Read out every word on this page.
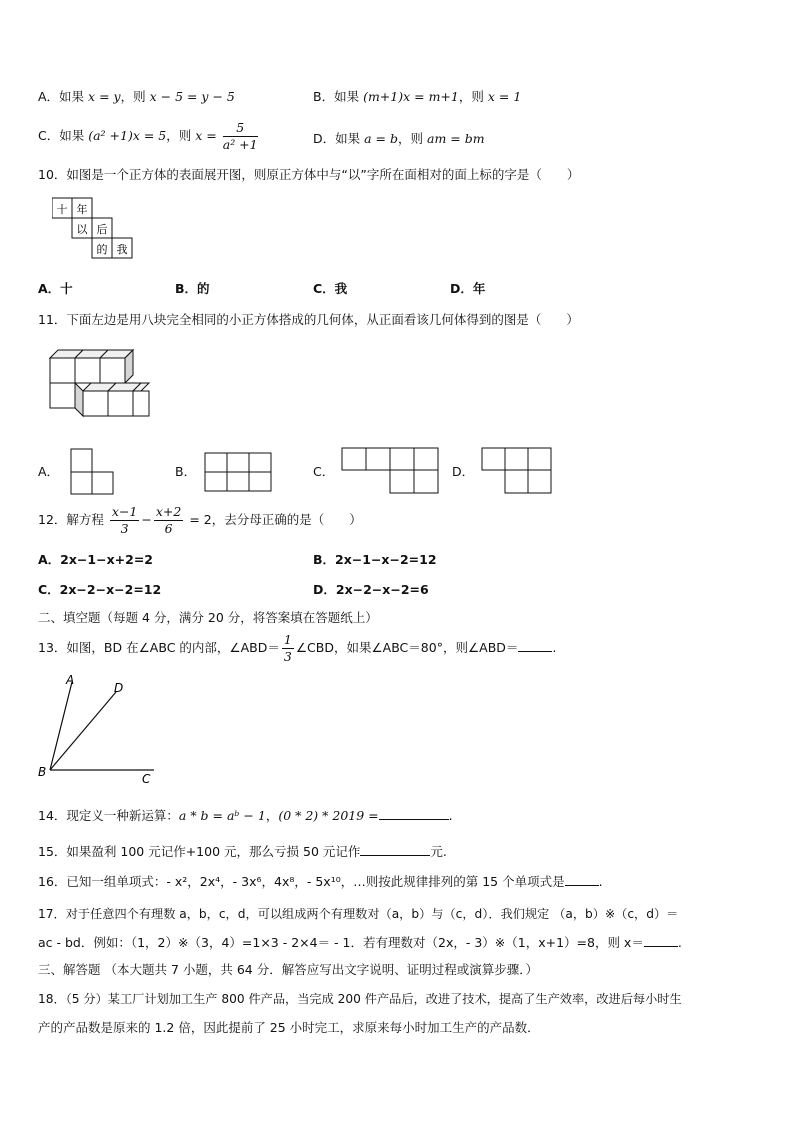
A．如果 x = y，则 x − 5 = y − 5	B．如果 (m+1)x = m+1，则 x = 1
C．如果 (a² +1)x = 5，则 $x = \frac{5}{\text{a² +1}}$	D．如果 a = b，则 am = bm
10．如图是一个正方体的表面展开图，则原正方体中与“以”字所在面相对的面上标的字是（　　）
十 年
以 后
的 我
A．十	B．的	C．我	D．年
11．下面左边是用八块完全相同的小正方体搭成的几何体，从正面看该几何体得到的图是（　　）
A．	B．	C．	D．
12．解方程 $\frac{x-1}{3} - \frac{x+2}{6} = 2$，去分母正确的是（　　）
A．2x−1−x+2=2	B．2x−1−x−2=12
C．2x−2−x−2=12	D．2x−2−x−2=6
二、填空题（每题 4 分，满分 20 分，将答案填在答题纸上）
13．如图，BD 在∠ABC 的内部，∠ABD＝ $\frac{1}{3}$ ∠CBD，如果∠ABC＝80°，则∠ABD＝	.
A
D
B	C
14．现定义一种新运算：a * b = aᵇ − 1，(0 * 2) * 2019 =	.
15．如果盈利 100 元记作+100 元，那么亏损 50 元记作	元.
16．已知一组单项式：- x²，2x⁴，- 3x⁶，4x⁸，- 5x¹⁰，…则按此规律排列的第 15 个单项式是	.
17．对于任意四个有理数 a，b，c，d，可以组成两个有理数对（a，b）与（c，d）．我们规定 （a，b）※（c，d）＝
ac - bd．例如：（1，2）※（3，4）=1×3 - 2×4＝ - 1．若有理数对（2x，- 3）※（1，x+1）=8，则 x＝	.
三、解答题 （本大题共 7 小题，共 64 分．解答应写出文字说明、证明过程或演算步骤．）
18．（5 分）某工厂计划加工生产 800 件产品，当完成 200 件产品后，改进了技术，提高了生产效率，改进后每小时生
产的产品数是原来的 1.2 倍，因此提前了 25 小时完工，求原来每小时加工生产的产品数．
